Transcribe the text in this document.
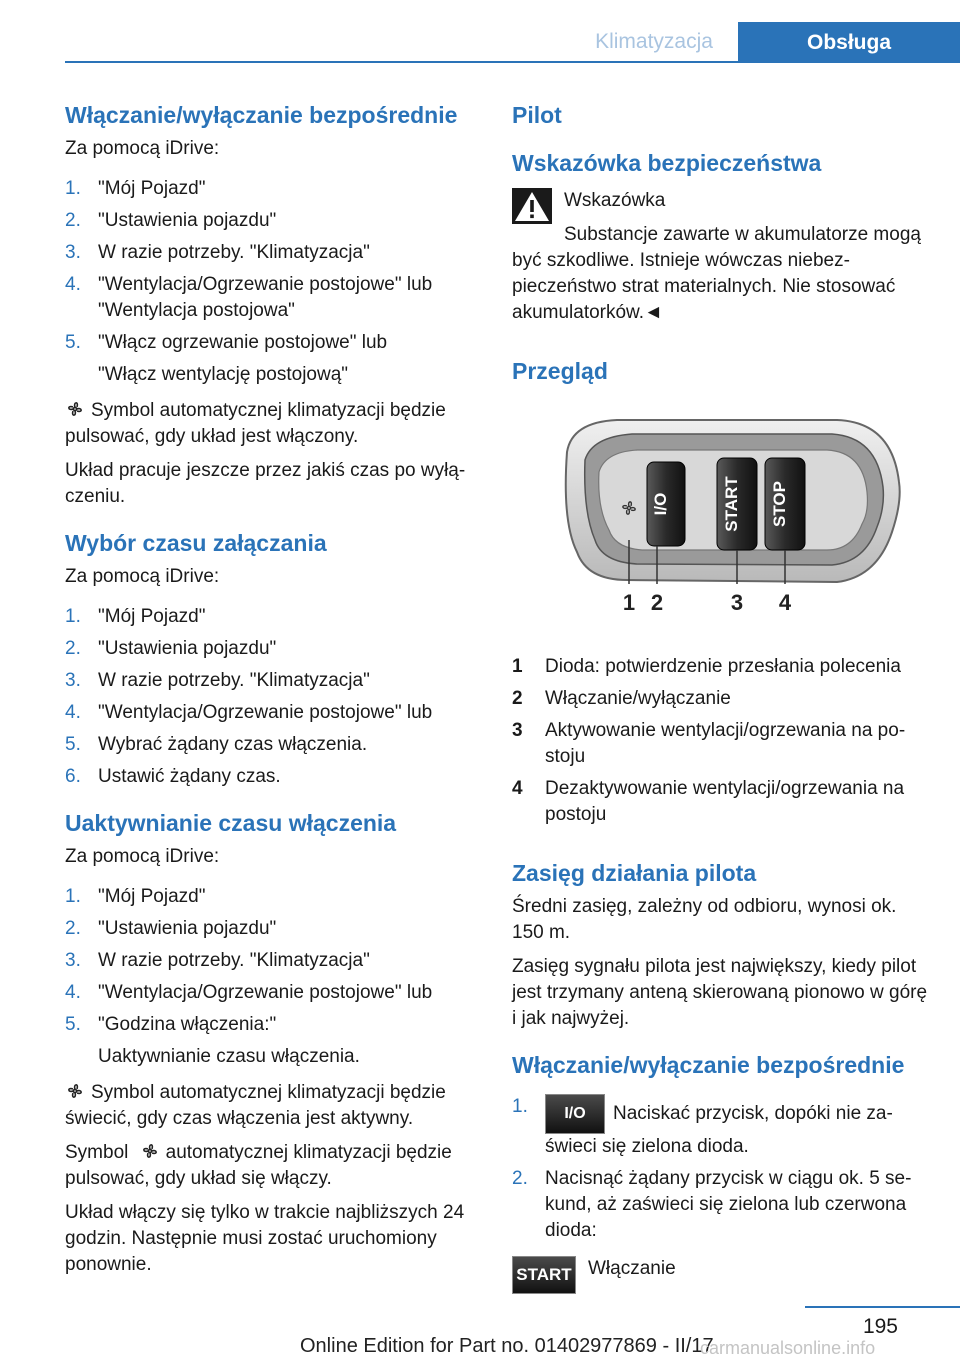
Klimatyzacja	Obsługa
Włączanie/wyłączanie bezpośrednie

Za pomocą iDrive:

1. "Mój Pojazd"
2. "Ustawienia pojazdu"
3. W razie potrzeby. "Klimatyzacja"
4. "Wentylacja/Ogrzewanie postojowe" lub "Wentylacja postojowa"
5. "Włącz ogrzewanie postojowe" lub
"Włącz wentylację postojową"

Symbol automatycznej klimatyzacji będzie pulsować, gdy układ jest włączony.

Układ pracuje jeszcze przez jakiś czas po wyłączeniu.

Wybór czasu załączania

Za pomocą iDrive:

1. "Mój Pojazd"
2. "Ustawienia pojazdu"
3. W razie potrzeby. "Klimatyzacja"
4. "Wentylacja/Ogrzewanie postojowe" lub
5. Wybrać żądany czas włączenia.
6. Ustawić żądany czas.
Uaktywnianie czasu włączenia

Za pomocą iDrive:

1. "Mój Pojazd"
2. "Ustawienia pojazdu"
3. W razie potrzeby. "Klimatyzacja"
4. "Wentylacja/Ogrzewanie postojowe" lub
5. "Godzina włączenia:"
Uaktywnianie czasu włączenia.

Symbol automatycznej klimatyzacji będzie świecić, gdy czas włączenia jest aktywny.

Symbol automatycznej klimatyzacji będzie pulsować, gdy układ się włączy.

Układ włączy się tylko w trakcie najbliższych 24 godzin. Następnie musi zostać uruchomiony ponownie.

Pilot
Wskazówka bezpieczeństwa
Wskazówka

Substancje zawarte w akumulatorze mogą być szkodliwe. Istnieje wówczas niebezpieczeństwo strat materialnych. Nie stosować akumulatorków.◄

Przegląd
I/O	START STOP
1 2	3 4
1	Dioda: potwierdzenie przesłania polecenia
2	Włączanie/wyłączanie
3	Aktywowanie wentylacji/ogrzewania na postoju
4	Dezaktywowanie wentylacji/ogrzewania na postoju
Zasięg działania pilota

Średni zasięg, zależny od odbioru, wynosi ok. 150 m.

Zasięg sygnału pilota jest największy, kiedy pilot jest trzymany anteną skierowaną pionowo w górę i jak najwyżej.

Włączanie/wyłączanie bezpośrednie
1.	I/O Naciskać przycisk, dopóki nie zaświeci się zielona dioda.
2. Nacisnąć żądany przycisk w ciągu ok. 5 sekund, aż zaświeci się zielona lub czerwona dioda:
START Włączanie
195
Online Edition for Part no. 01402977869 - II/17
carmanualsonline.info
